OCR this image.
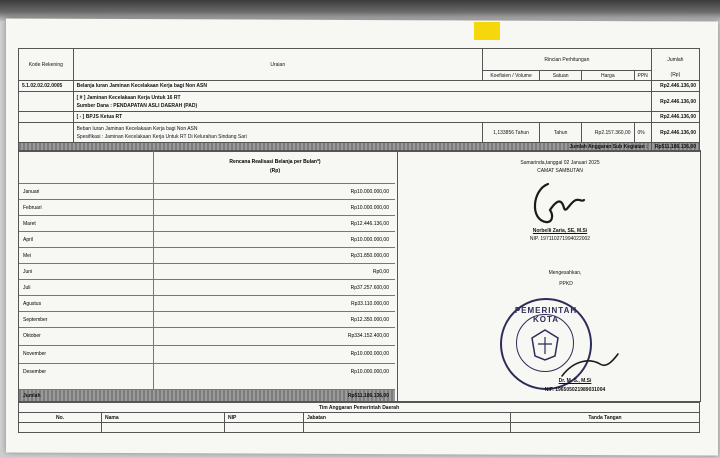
Kode Rekening	Uraian	Rincian Perhitungan				Jumlah
		Koefisien / Volume	Satuan	Harga	PPN	(Rp)
5.1.02.02.02.0005	Belanja Iuran Jaminan Kecelakaan Kerja bagi Non ASN					Rp2.446.136,00

	[ # ] Jaminan Kecelakaan Kerja Untuk 16 RT
Sumber Dana : PENDAPATAN ASLI DAERAH (PAD)					Rp2.446.136,00
	[ - ] BPJS Ketua RT					Rp2.446.136,00

	Beban Iuran Jaminan Kecelakaan Kerja bagi Non ASN
Spesifikasi : Jaminan Kecelakaan Kerja Untuk RT Di Kelurahan Sindang Sari	1,133856 Tahun	Tahun	Rp2.157.360,00	0%	Rp2.446.136,00
Jumlah Anggaran Sub Kegiatan :						Rp511.186.136,00
Rencana Realisasi Belanja per Bulan*)
(Rp)
Januari	Rp10.000.000,00
Februari	Rp10.000.000,00
Maret	Rp12.446.136,00
April	Rp10.000.000,00
Mei	Rp31.850.000,00
Juni	Rp0,00
Juli	Rp37.257.600,00
Agustus	Rp33.110.000,00
September	Rp12.350.000,00
Oktober	Rp334.152.400,00
November	Rp10.000.000,00
Desember	Rp10.000.000,00
Jumlah	Rp511.186.136,00
Samarinda,tanggal 02 Januari 2025
CAMAT SAMBUTAN
Norbelli Zaria, SE, M.Si
NIP. 197110271994022002
Mengesahkan,
PPKD
PEMERINTAH KOTA
Dr. M. S., M.Si
NIP. 196505021989031004
Tim Anggaran Pemerintah Daerah				
No.	Nama	NIP	Jabatan	Tanda Tangan
